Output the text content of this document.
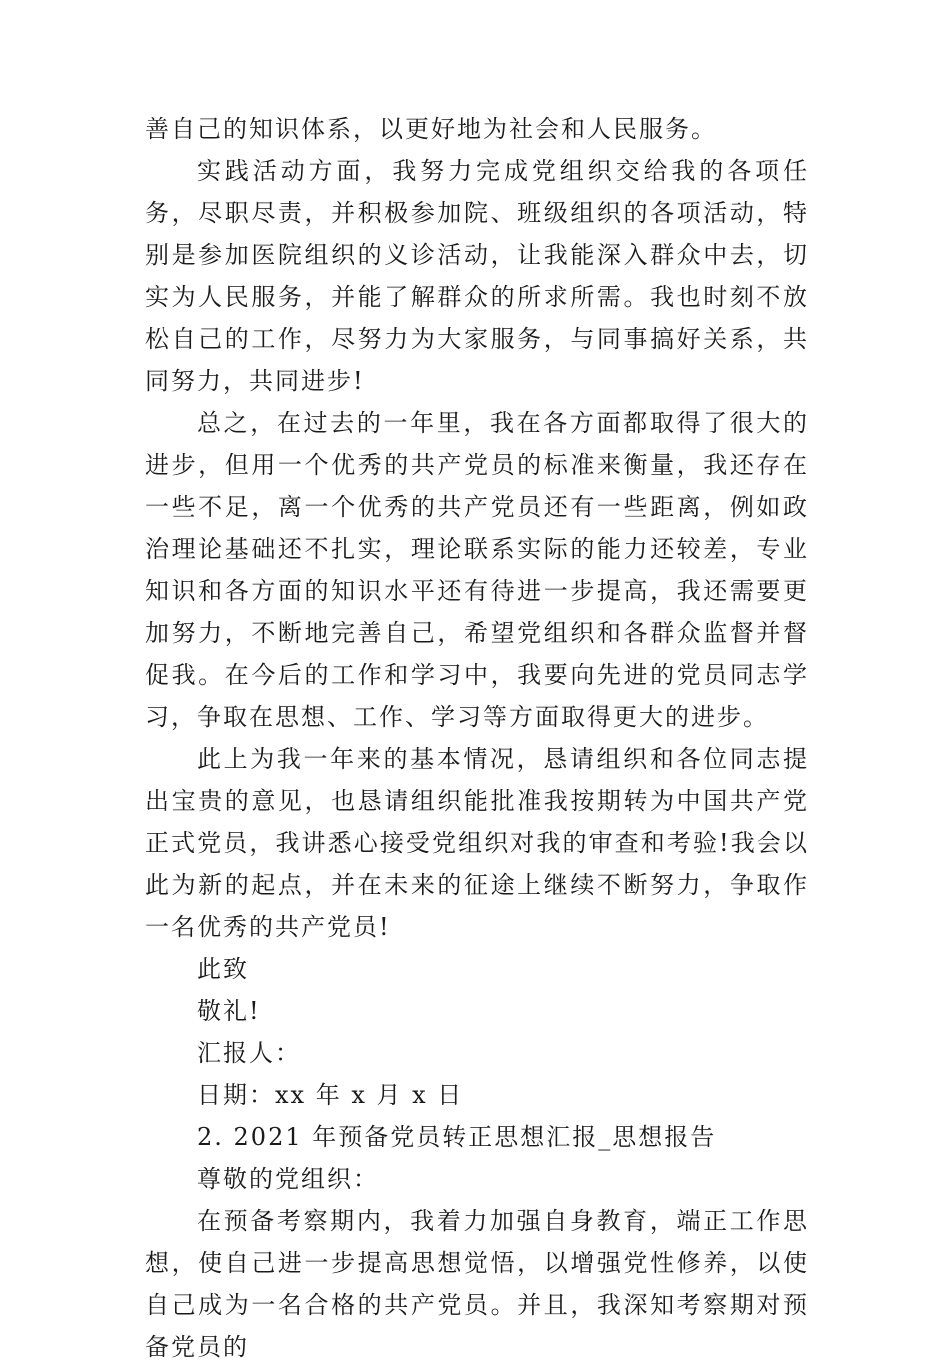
善自己的知识体系，以更好地为社会和人民服务。

实践活动方面，我努力完成党组织交给我的各项任务，尽职尽责，并积极参加院、班级组织的各项活动，特别是参加医院组织的义诊活动，让我能深入群众中去，切实为人民服务，并能了解群众的所求所需。我也时刻不放松自己的工作，尽努力为大家服务，与同事搞好关系，共同努力，共同进步!

总之，在过去的一年里，我在各方面都取得了很大的进步，但用一个优秀的共产党员的标准来衡量，我还存在一些不足，离一个优秀的共产党员还有一些距离，例如政治理论基础还不扎实，理论联系实际的能力还较差，专业知识和各方面的知识水平还有待进一步提高，我还需要更加努力，不断地完善自己，希望党组织和各群众监督并督促我。在今后的工作和学习中，我要向先进的党员同志学习，争取在思想、工作、学习等方面取得更大的进步。

此上为我一年来的基本情况，恳请组织和各位同志提出宝贵的意见，也恳请组织能批准我按期转为中国共产党正式党员，我讲悉心接受党组织对我的审查和考验!我会以此为新的起点，并在未来的征途上继续不断努力，争取作一名优秀的共产党员!

此致
敬礼!
汇报人：
日期：xx 年 x 月 x 日
2. 2021 年预备党员转正思想汇报_思想报告
尊敬的党组织：

在预备考察期内，我着力加强自身教育，端正工作思想，使自己进一步提高思想觉悟，以增强党性修养，以使自己成为一名合格的共产党员。并且，我深知考察期对预备党员的
